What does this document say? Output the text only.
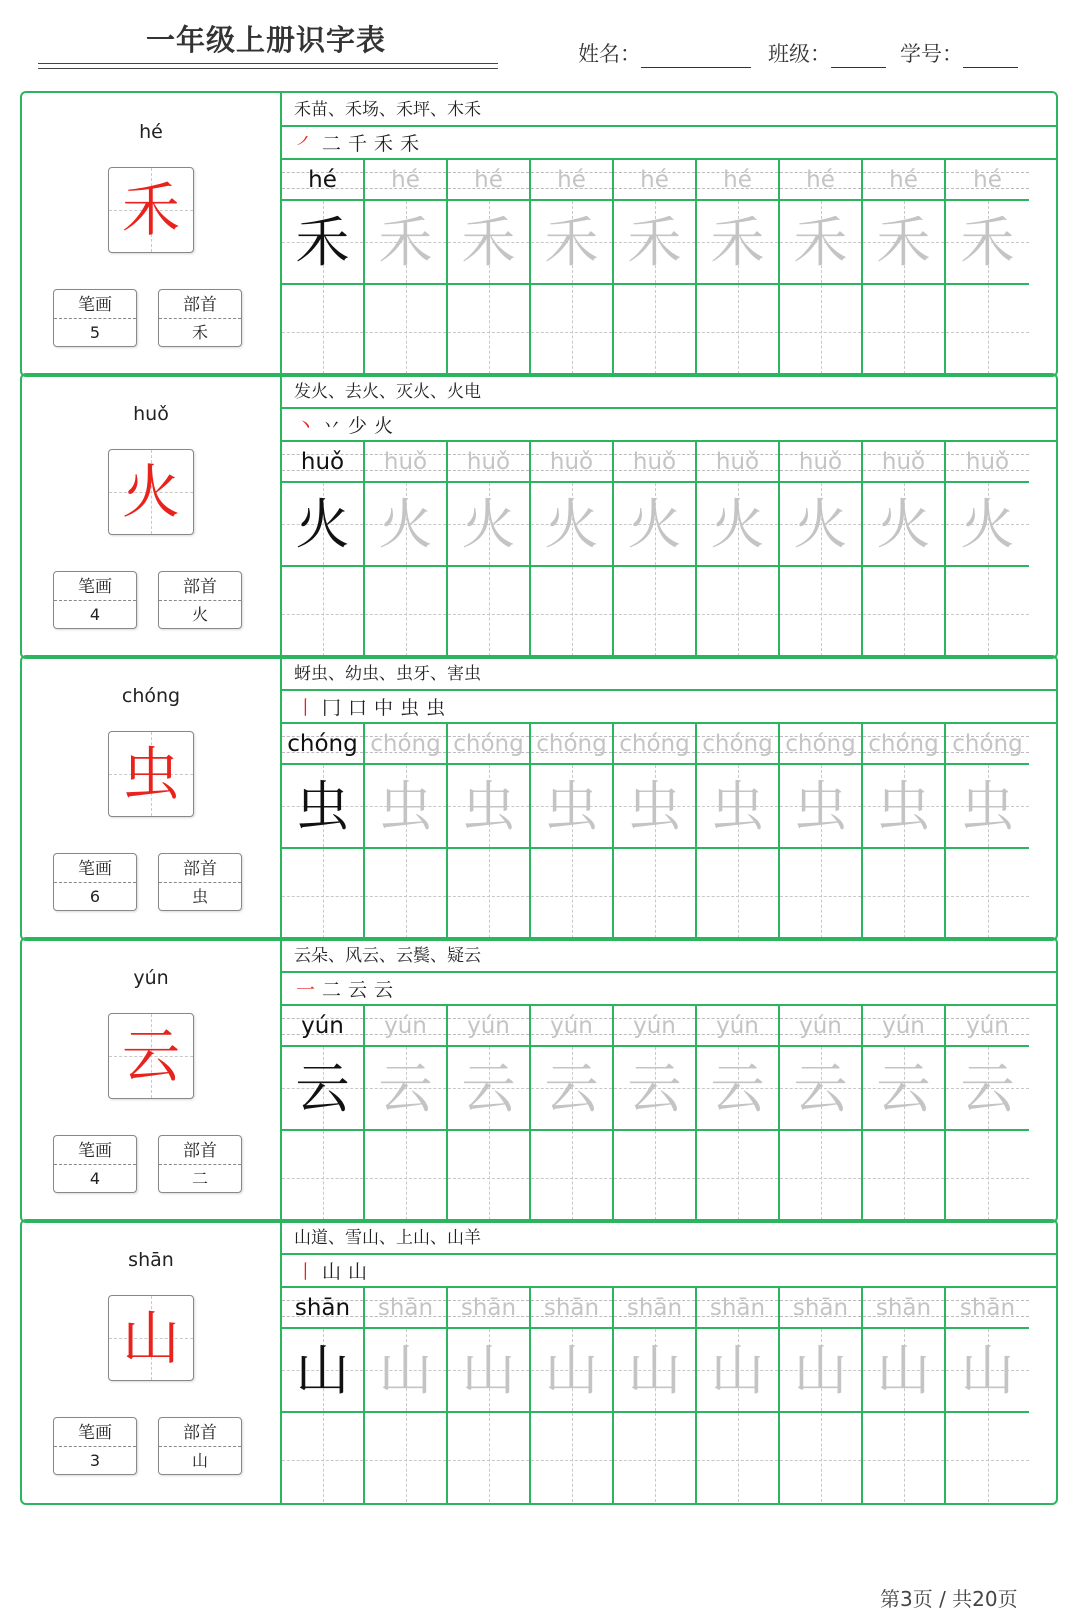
一年级上册识字表	姓名：	班级：	学号：
hé
禾
笔画
5
部首
禾
禾苗、禾场、禾坪、木禾
㇒ 二 千 禾 禾
hé
禾
hé
禾
hé
禾
hé
禾
hé
禾
hé
禾
hé
禾
hé
禾
hé
禾
huǒ
火
笔画
4
部首
火
发火、去火、灭火、火电
丶 丷 少 火
huǒ
火
huǒ
火
huǒ
火
huǒ
火
huǒ
火
huǒ
火
huǒ
火
huǒ
火
huǒ
火
chóng
虫
笔画
6
部首
虫
蚜虫、幼虫、虫牙、害虫
丨 冂 口 中 虫 虫
chóng
虫
chóng
虫
chóng
虫
chóng
虫
chóng
虫
chóng
虫
chóng
虫
chóng
虫
chóng
虫
yún
云
笔画
4
部首
二
云朵、风云、云鬓、疑云
一 二 云 云
yún
云
yún
云
yún
云
yún
云
yún
云
yún
云
yún
云
yún
云
yún
云
shān
山
笔画
3
部首
山
山道、雪山、上山、山羊
丨 山 山
shān
山
shān
山
shān
山
shān
山
shān
山
shān
山
shān
山
shān
山
shān
山
第3页 / 共20页
